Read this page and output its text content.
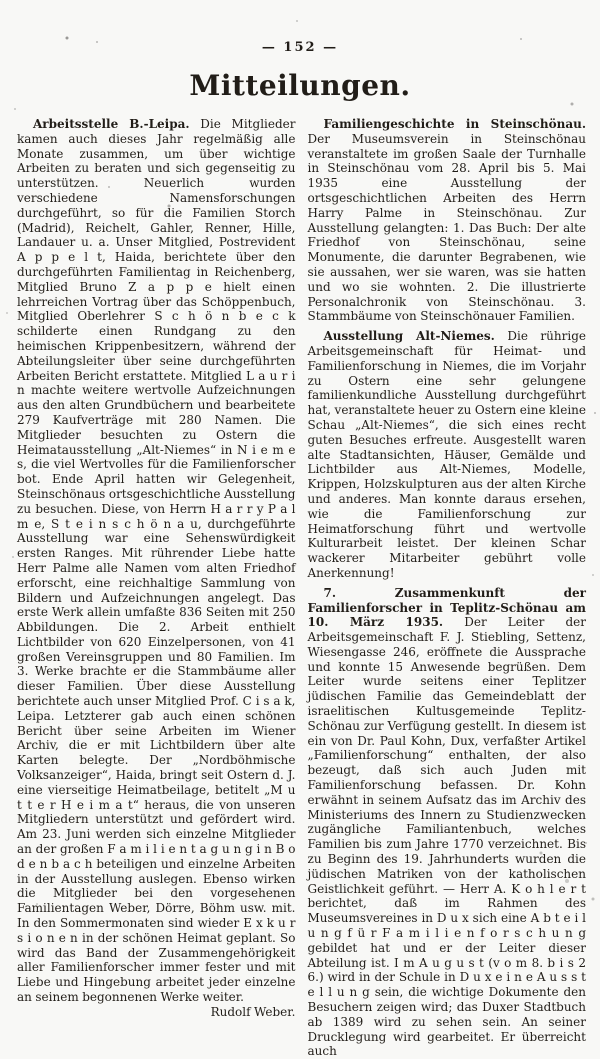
— 152 —
Mitteilungen.

Arbeitsstelle B.-Leipa. Die Mitglieder kamen auch dieses Jahr regelmäßig alle Monate zusammen, um über wichtige Arbeiten zu beraten und sich gegenseitig zu unterstützen. Neuerlich wurden verschiedene Namensforschungen durchgeführt, so für die Familien Storch (Madrid), Reichelt, Gahler, Renner, Hille, Landauer u. a. Unser Mitglied, Postrevident A p p e l t, Haida, berichtete über den durchgeführten Familientag in Reichenberg, Mitglied Bruno Z a p p e hielt einen lehrreichen Vortrag über das Schöppenbuch, Mitglied Oberlehrer S c h ö n b e c k schilderte einen Rundgang zu den heimischen Krippenbesitzern, während der Abteilungsleiter über seine durchgeführten Arbeiten Bericht erstattete. Mitglied L a u r i n machte weitere wertvolle Aufzeichnungen aus den alten Grundbüchern und bearbeitete 279 Kaufverträge mit 280 Namen. Die Mitglieder besuchten zu Ostern die Heimatausstellung „Alt-Niemes“ in N i e m e s, die viel Wertvolles für die Familienforscher bot. Ende April hatten wir Gelegenheit, Steinschönaus ortsgeschichtliche Ausstellung zu besuchen. Diese, von Herrn H a r r y P a l m e, S t e i n s c h ö n a u, durchgeführte Ausstellung war eine Sehenswürdigkeit ersten Ranges. Mit rührender Liebe hatte Herr Palme alle Namen vom alten Friedhof erforscht, eine reichhaltige Sammlung von Bildern und Aufzeichnungen angelegt. Das erste Werk allein umfaßte 836 Seiten mit 250 Abbildungen. Die 2. Arbeit enthielt Lichtbilder von 620 Einzelpersonen, von 41 großen Vereinsgruppen und 80 Familien. Im 3. Werke brachte er die Stammbäume aller dieser Familien. Über diese Ausstellung berichtete auch unser Mitglied Prof. C i s a k, Leipa. Letzterer gab auch einen schönen Bericht über seine Arbeiten im Wiener Archiv, die er mit Lichtbildern über alte Karten belegte. Der „Nordböhmische Volksanzeiger“, Haida, bringt seit Ostern d. J. eine vierseitige Heimatbeilage, betitelt „M u t t e r H e i m a t“ heraus, die von unseren Mitgliedern unterstützt und gefördert wird. Am 23. Juni werden sich einzelne Mitglieder an der großen F a m i l i e n t a g u n g i n B o d e n b a c h beteiligen und einzelne Arbeiten in der Ausstellung auslegen. Ebenso wirken die Mitglieder bei den vorgesehenen Familientagen Weber, Dörre, Böhm usw. mit. In den Sommermonaten sind wieder E x k u r s i o n e n in der schönen Heimat geplant. So wird das Band der Zusammengehörigkeit aller Familienforscher immer fester und mit Liebe und Hingebung arbeitet jeder einzelne an seinem begonnenen Werke weiter.
Rudolf Weber.

Familiengeschichte in Steinschönau. Der Museumsverein in Steinschönau veranstaltete im großen Saale der Turnhalle in Steinschönau vom 28. April bis 5. Mai 1935 eine Ausstellung der ortsgeschichtlichen Arbeiten des Herrn Harry Palme in Steinschönau. Zur Ausstellung gelangten: 1. Das Buch: Der alte Friedhof von Steinschönau, seine Monumente, die darunter Begrabenen, wie sie aussahen, wer sie waren, was sie hatten und wo sie wohnten. 2. Die illustrierte Personalchronik von Steinschönau. 3. Stammbäume von Steinschönauer Familien.

Ausstellung Alt-Niemes. Die rührige Arbeitsgemeinschaft für Heimat- und Familienforschung in Niemes, die im Vorjahr zu Ostern eine sehr gelungene familienkundliche Ausstellung durchgeführt hat, veranstaltete heuer zu Ostern eine kleine Schau „Alt-Niemes“, die sich eines recht guten Besuches erfreute. Ausgestellt waren alte Stadtansichten, Häuser, Gemälde und Lichtbilder aus Alt-Niemes, Modelle, Krippen, Holzskulpturen aus der alten Kirche und anderes. Man konnte daraus ersehen, wie die Familienforschung zur Heimatforschung führt und wertvolle Kulturarbeit leistet. Der kleinen Schar wackerer Mitarbeiter gebührt volle Anerkennung!

7. Zusammenkunft der Familienforscher in Teplitz-Schönau am 10. März 1935. Der Leiter der Arbeitsgemeinschaft F. J. Stiebling, Settenz, Wiesengasse 246, eröffnete die Aussprache und konnte 15 Anwesende begrüßen. Dem Leiter wurde seitens einer Teplitzer jüdischen Familie das Gemeindeblatt der israelitischen Kultusgemeinde Teplitz-Schönau zur Verfügung gestellt. In diesem ist ein von Dr. Paul Kohn, Dux, verfaßter Artikel „Familienforschung“ enthalten, der also bezeugt, daß sich auch Juden mit Familienforschung befassen. Dr. Kohn erwähnt in seinem Aufsatz das im Archiv des Ministeriums des Innern zu Studienzwecken zugängliche Familiantenbuch, welches Familien bis zum Jahre 1770 verzeichnet. Bis zu Beginn des 19. Jahrhunderts wurden die jüdischen Matriken von der katholischen Geistlichkeit geführt. — Herr A. K o h l e r t berichtet, daß im Rahmen des Museumsvereines in D u x sich eine A b t e i l u n g f ü r F a m i l i e n f o r s c h u n g gebildet hat und er der Leiter dieser Abteilung ist. I m A u g u s t (v o m 8. b i s 2 6.) wird in der Schule in D u x e i n e A u s s t e l l u n g sein, die wichtige Dokumente den Besuchern zeigen wird; das Duxer Stadtbuch ab 1389 wird zu sehen sein. An seiner Drucklegung wird gearbeitet. Er überreicht auch
